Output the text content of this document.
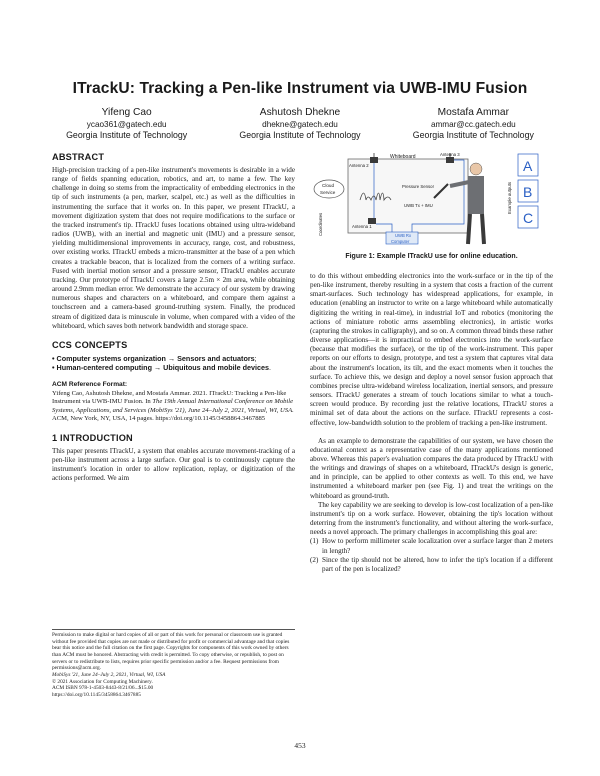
ITrackU: Tracking a Pen-like Instrument via UWB-IMU Fusion
Yifeng Cao
ycao361@gatech.edu
Georgia Institute of Technology
Ashutosh Dhekne
dhekne@gatech.edu
Georgia Institute of Technology
Mostafa Ammar
ammar@cc.gatech.edu
Georgia Institute of Technology
ABSTRACT

High-precision tracking of a pen-like instrument's movements is desirable in a wide range of fields spanning education, robotics, and art, to name a few. The key challenge in doing so stems from the impracticality of embedding electronics in the tip of such instruments (a pen, marker, scalpel, etc.) as well as the difficulties in instrumenting the surface that it works on. In this paper, we present ITrackU, a movement digitization system that does not require modifications to the surface or the tracked instrument's tip. ITrackU fuses locations obtained using ultra-wideband radios (UWB), with an inertial and magnetic unit (IMU) and a pressure sensor, yielding multidimensional improvements in accuracy, range, cost, and robustness, over existing works. ITrackU embeds a micro-transmitter at the base of a pen which creates a trackable beacon, that is localized from the corners of a writing surface. Fused with inertial motion sensor and a pressure sensor, ITrackU enables accurate tracking. Our prototype of ITrackU covers a large 2.5m × 2m area, while obtaining around 2.9mm median error. We demonstrate the accuracy of our system by drawing numerous shapes and characters on a whiteboard, and compare them against a touchscreen and a camera-based ground-truthing system. Finally, the produced stream of digitized data is minuscule in volume, when compared with a video of the whiteboard, which saves both network bandwidth and storage space.

CCS CONCEPTS
• Computer systems organization → Sensors and actuators;
• Human-centered computing → Ubiquitous and mobile devices.
ACM Reference Format:
Yifeng Cao, Ashutosh Dhekne, and Mostafa Ammar. 2021. ITrackU: Tracking a Pen-like Instrument via UWB-IMU Fusion. In The 19th Annual International Conference on Mobile Systems, Applications, and Services (MobiSys '21), June 24–July 2, 2021, Virtual, WI, USA. ACM, New York, NY, USA, 14 pages. https://doi.org/10.1145/3458864.3467885
1 INTRODUCTION

This paper presents ITrackU, a system that enables accurate movement-tracking of a pen-like instrument across a large surface. Our goal is to continuously capture the instrument's location in order to allow replication, replay, or digitization of the actions performed. We aim

Permission to make digital or hard copies of all or part of this work for personal or classroom use is granted without fee provided that copies are not made or distributed for profit or commercial advantage and that copies bear this notice and the full citation on the first page. Copyrights for components of this work owned by others than ACM must be honored. Abstracting with credit is permitted. To copy otherwise, or republish, to post on servers or to redistribute to lists, requires prior specific permission and/or a fee. Request permissions from permissions@acm.org.
MobiSys '21, June 24–July 2, 2021, Virtual, WI, USA
© 2021 Association for Computing Machinery.
ACM ISBN 978-1-4503-8443-8/21/06...$15.00
https://doi.org/10.1145/3458864.3467885
Whiteboard
Antenna 2
Antenna 3
Antenna 1
Pressure Sensor
UWB Tx + IMU
Cloud
Service
Coordinates	UWB Rx
Computer
Example outputs
A
B
C
Figure 1: Example ITrackU use for online education.

to do this without embedding electronics into the work-surface or in the tip of the pen-like instrument, thereby resulting in a system that costs a fraction of the current smart-surfaces. Such technology has widespread applications, for example, in education (enabling an instructor to write on a large whiteboard while automatically digitizing the writing in real-time), in industrial IoT and robotics (monitoring the actions of miniature robotic arms assembling electronics), in artistic works (capturing the strokes in calligraphy), and so on. A common thread binds these rather diverse applications—it is impractical to embed electronics into the work-surface (because that modifies the surface), or the tip of the work-instrument. This paper reports on our efforts to design, prototype, and test a system that captures vital data about the instrument's location, its tilt, and the exact moments when it touches the surface. To achieve this, we design and deploy a novel sensor fusion approach that combines precise ultra-wideband wireless localization, inertial sensors, and pressure sensors. ITrackU generates a stream of touch locations similar to what a touch-screen would produce. By recording just the relative locations, ITrackU stores a minimal set of data about the actions on the surface. ITrackU represents a cost-effective, low-bandwidth solution to the problem of tracking a pen-like instrument.

As an example to demonstrate the capabilities of our system, we have chosen the educational context as a representative case of the many applications mentioned above. Whereas this paper's evaluation compares the data produced by ITrackU with the writings and drawings of shapes on a whiteboard, ITrackU's design is generic, and in principle, can be applied to other contexts as well. To this end, we have instrumented a whiteboard marker pen (see Fig. 1) and treat the writings on the whiteboard as ground-truth.

The key capability we are seeking to develop is low-cost localization of a pen-like instrument's tip on a work surface. However, obtaining the tip's location without deterring from the instrument's functionality, and without altering the work-surface, needs a novel approach. The primary challenges in accomplishing this goal are:

(1) How to perform millimeter scale localization over a surface larger than 2 meters in length?
(2) Since the tip should not be altered, how to infer the tip's location if a different part of the pen is localized?
453
